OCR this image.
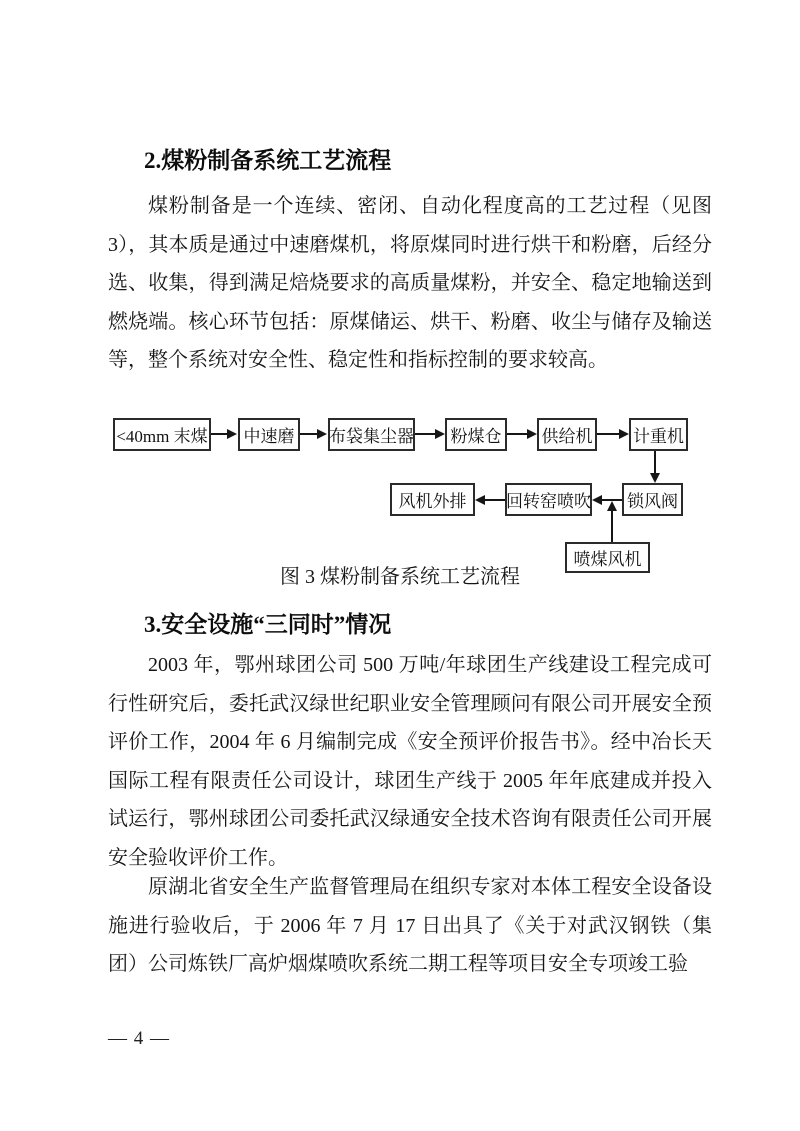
2.煤粉制备系统工艺流程
煤粉制备是一个连续、密闭、自动化程度高的工艺过程（见图 3），其本质是通过中速磨煤机，将原煤同时进行烘干和粉磨，后经分选、收集，得到满足焙烧要求的高质量煤粉，并安全、稳定地输送到燃烧端。核心环节包括：原煤储运、烘干、粉磨、收尘与储存及输送等，整个系统对安全性、稳定性和指标控制的要求较高。
<40mm 末煤	中速磨	布袋集尘器	粉煤仓	供给机 计重机
风机外排	回转窑喷吹 锁风阀
喷煤风机
图 3 煤粉制备系统工艺流程
3.安全设施“三同时”情况
2003 年，鄂州球团公司 500 万吨/年球团生产线建设工程完成可行性研究后，委托武汉绿世纪职业安全管理顾问有限公司开展安全预评价工作，2004 年 6 月编制完成《安全预评价报告书》。经中冶长天国际工程有限责任公司设计，球团生产线于 2005 年年底建成并投入试运行，鄂州球团公司委托武汉绿通安全技术咨询有限责任公司开展安全验收评价工作。
原湖北省安全生产监督管理局在组织专家对本体工程安全设备设施进行验收后，于 2006 年 7 月 17 日出具了《关于对武汉钢铁（集团）公司炼铁厂高炉烟煤喷吹系统二期工程等项目安全专项竣工验
— 4 —
